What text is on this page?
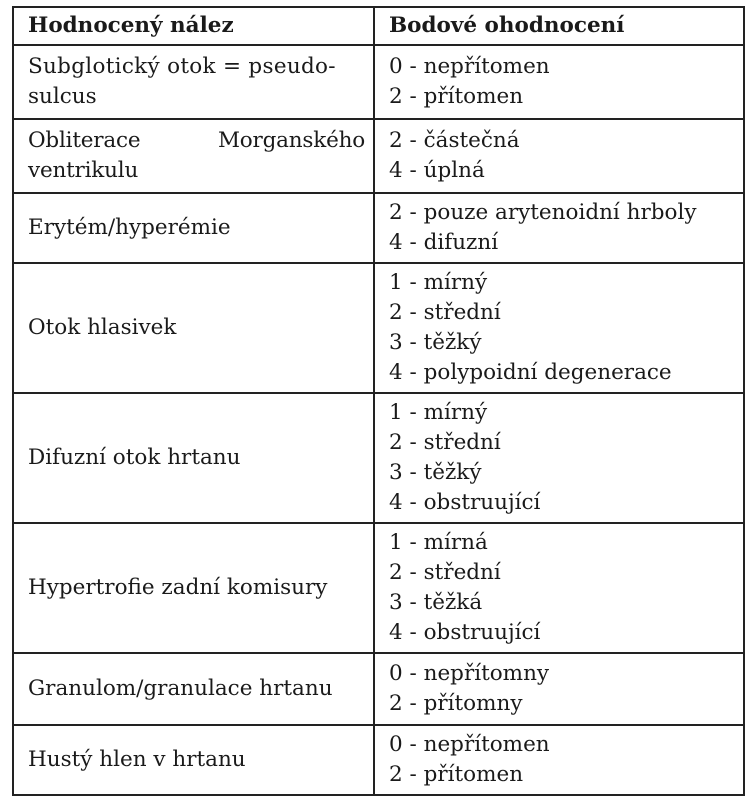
Hodnocený nález	Bodové ohodnocení

Subglotický otok = pseudo-
sulcus	0 - nepřítomen
2 - přítomen

Obliterace Morganského
ventrikulu	2 - částečná
4 - úplná

Erytém/hyperémie	2 - pouze arytenoidní hrboly
4 - difuzní

Otok hlasivek	1 - mírný
2 - střední
3 - těžký
4 - polypoidní degenerace

Difuzní otok hrtanu	1 - mírný
2 - střední
3 - těžký
4 - obstruující

Hypertrofie zadní komisury	1 - mírná
2 - střední
3 - těžká
4 - obstruující

Granulom/granulace hrtanu	0 - nepřítomny
2 - přítomny

Hustý hlen v hrtanu	0 - nepřítomen
2 - přítomen
